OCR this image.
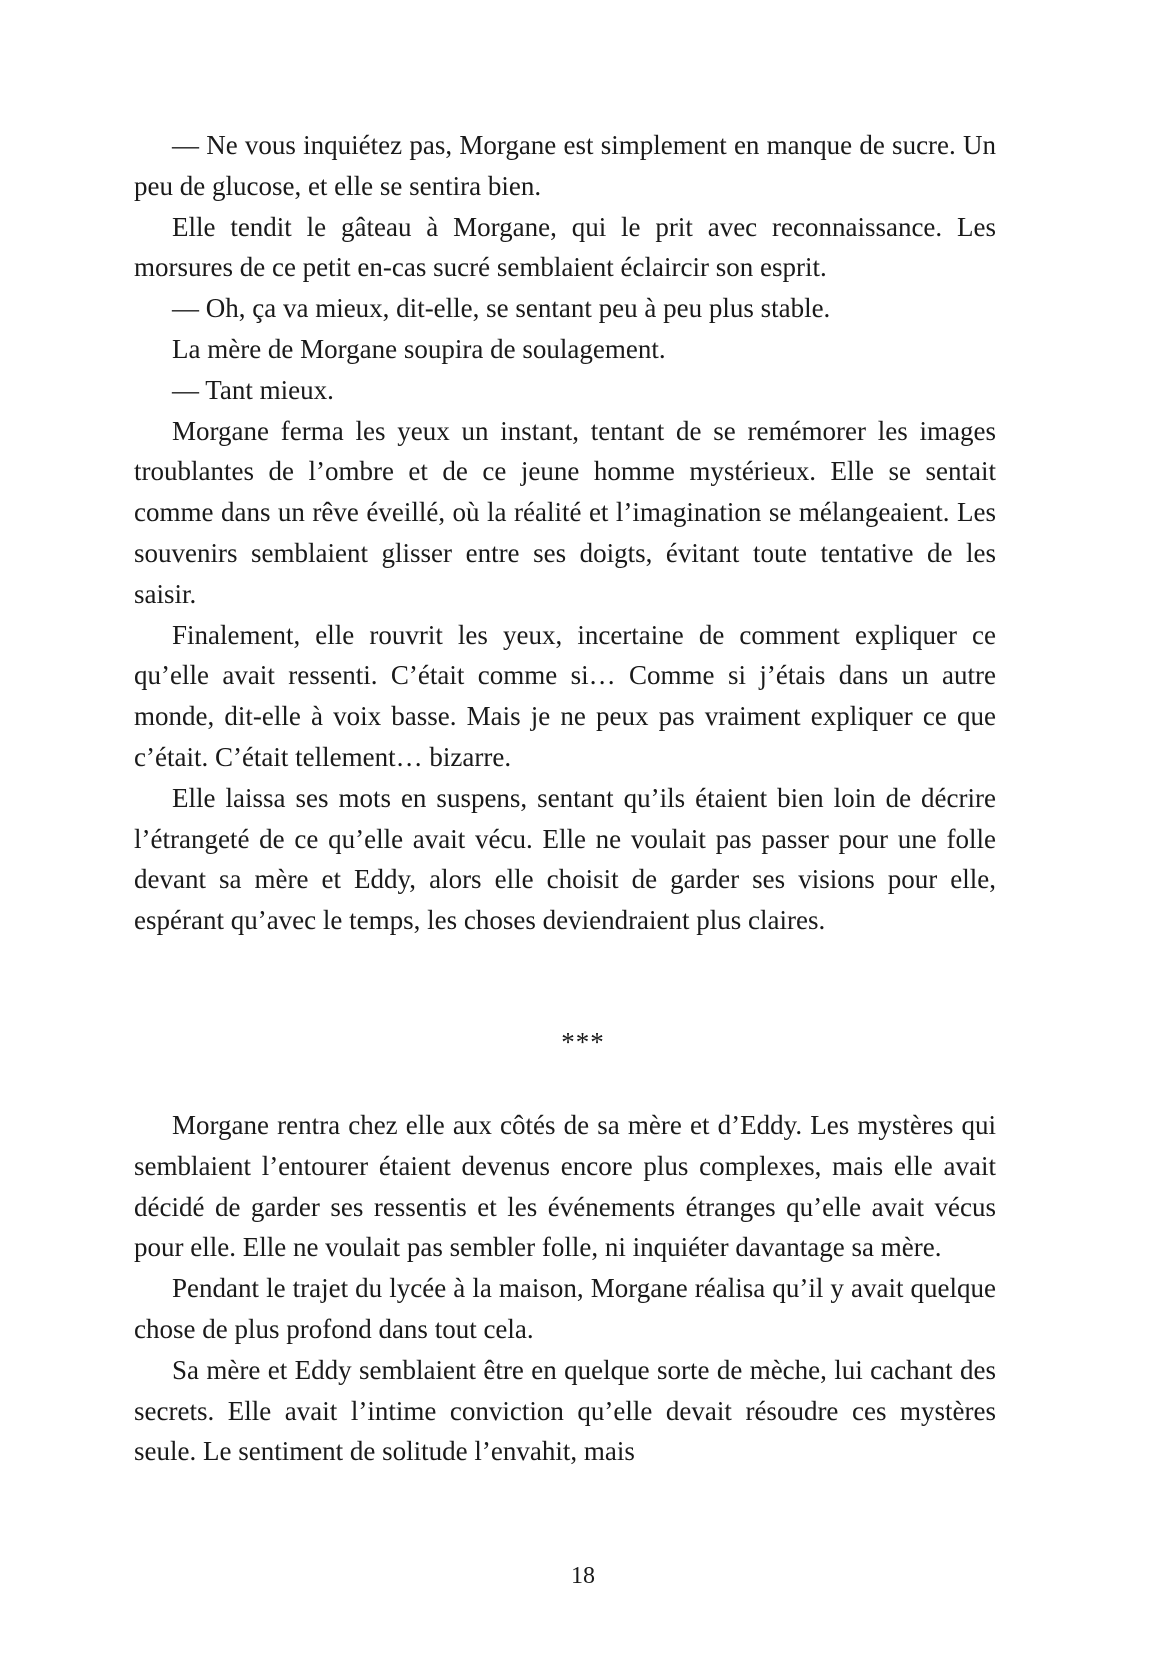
— Ne vous inquiétez pas, Morgane est simplement en manque de sucre. Un peu de glucose, et elle se sentira bien.

Elle tendit le gâteau à Morgane, qui le prit avec reconnaissance. Les morsures de ce petit en-cas sucré semblaient éclaircir son esprit.

— Oh, ça va mieux, dit-elle, se sentant peu à peu plus stable.

La mère de Morgane soupira de soulagement.

— Tant mieux.

Morgane ferma les yeux un instant, tentant de se remémorer les images troublantes de l’ombre et de ce jeune homme mystérieux. Elle se sentait comme dans un rêve éveillé, où la réalité et l’imagination se mélangeaient. Les souvenirs semblaient glisser entre ses doigts, évitant toute tentative de les saisir.

Finalement, elle rouvrit les yeux, incertaine de comment expliquer ce qu’elle avait ressenti. C’était comme si… Comme si j’étais dans un autre monde, dit-elle à voix basse. Mais je ne peux pas vraiment expliquer ce que c’était. C’était tellement… bizarre.

Elle laissa ses mots en suspens, sentant qu’ils étaient bien loin de décrire l’étrangeté de ce qu’elle avait vécu. Elle ne voulait pas passer pour une folle devant sa mère et Eddy, alors elle choisit de garder ses visions pour elle, espérant qu’avec le temps, les choses deviendraient plus claires.

***

Morgane rentra chez elle aux côtés de sa mère et d’Eddy. Les mystères qui semblaient l’entourer étaient devenus encore plus complexes, mais elle avait décidé de garder ses ressentis et les événements étranges qu’elle avait vécus pour elle. Elle ne voulait pas sembler folle, ni inquiéter davantage sa mère.

Pendant le trajet du lycée à la maison, Morgane réalisa qu’il y avait quelque chose de plus profond dans tout cela.

Sa mère et Eddy semblaient être en quelque sorte de mèche, lui cachant des secrets. Elle avait l’intime conviction qu’elle devait résoudre ces mystères seule. Le sentiment de solitude l’envahit, mais

18
